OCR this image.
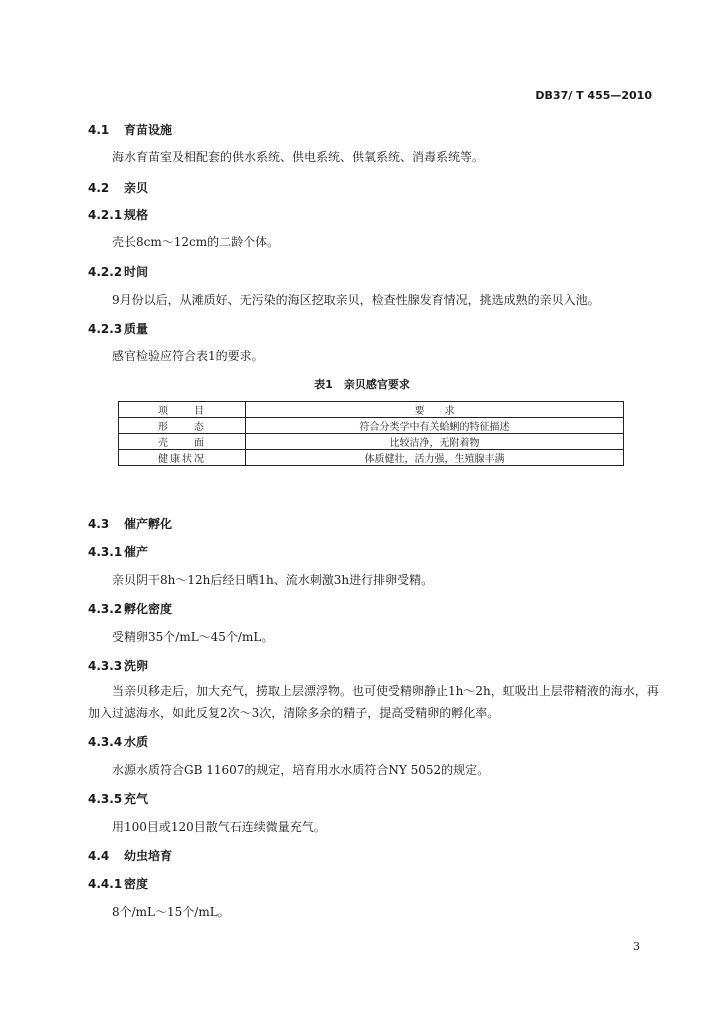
DB37/ T 455—2010
4.1 育苗设施
海水育苗室及相配套的供水系统、供电系统、供氧系统、消毒系统等。
4.2 亲贝
4.2.1 规格
壳长8cm～12cm的二龄个体。
4.2.2 时间
9月份以后，从滩质好、无污染的海区挖取亲贝，检查性腺发育情况，挑选成熟的亲贝入池。
4.2.3 质量
感官检验应符合表1的要求。
表1　亲贝感官要求
项　　目	要　　求
形　　态	符合分类学中有关蛤蜊的特征描述
壳　　面	比较洁净，无附着物
健康状况	体质健壮，活力强，生殖腺丰满
4.3 催产孵化
4.3.1 催产
亲贝阴干8h～12h后经日晒1h、流水刺激3h进行排卵受精。
4.3.2 孵化密度
受精卵35个/mL～45个/mL。
4.3.3 洗卵
当亲贝移走后，加大充气，捞取上层漂浮物。也可使受精卵静止1h～2h，虹吸出上层带精液的海水，再加入过滤海水，如此反复2次～3次，清除多余的精子，提高受精卵的孵化率。
4.3.4 水质
水源水质符合GB 11607的规定，培育用水水质符合NY 5052的规定。
4.3.5 充气
用100目或120目散气石连续微量充气。
4.4 幼虫培育
4.4.1 密度
8个/mL～15个/mL。
3
